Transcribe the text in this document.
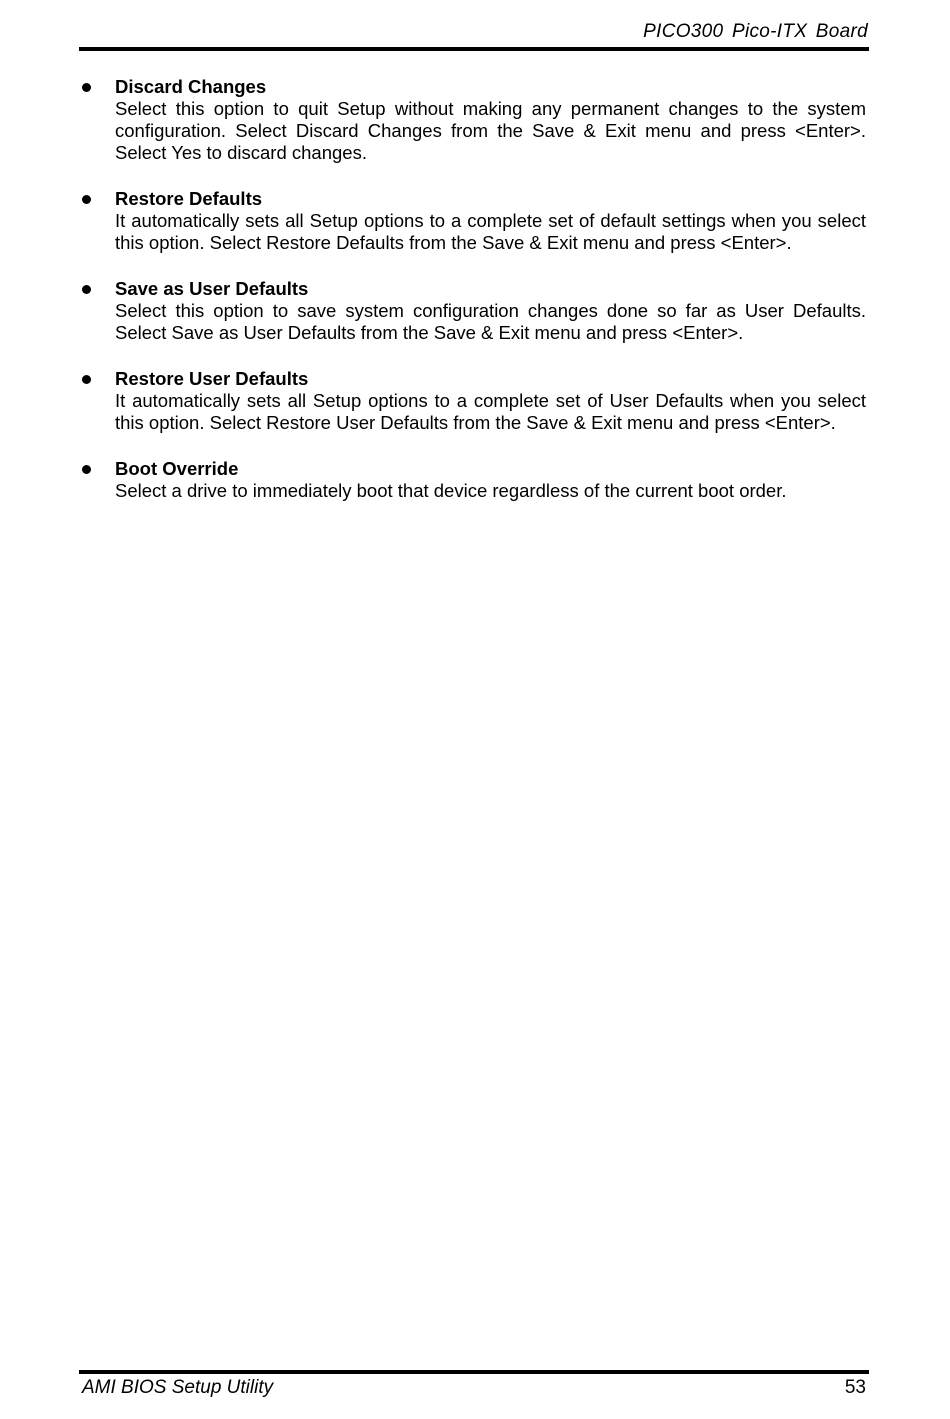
PICO300 Pico-ITX Board
Discard Changes
Select this option to quit Setup without making any permanent changes to the system configuration. Select Discard Changes from the Save & Exit menu and press <Enter>. Select Yes to discard changes.
Restore Defaults
It automatically sets all Setup options to a complete set of default settings when you select this option. Select Restore Defaults from the Save & Exit menu and press <Enter>.
Save as User Defaults
Select this option to save system configuration changes done so far as User Defaults. Select Save as User Defaults from the Save & Exit menu and press <Enter>.
Restore User Defaults
It automatically sets all Setup options to a complete set of User Defaults when you select this option. Select Restore User Defaults from the Save & Exit menu and press <Enter>.
Boot Override
Select a drive to immediately boot that device regardless of the current boot order.
AMI BIOS Setup Utility	53
